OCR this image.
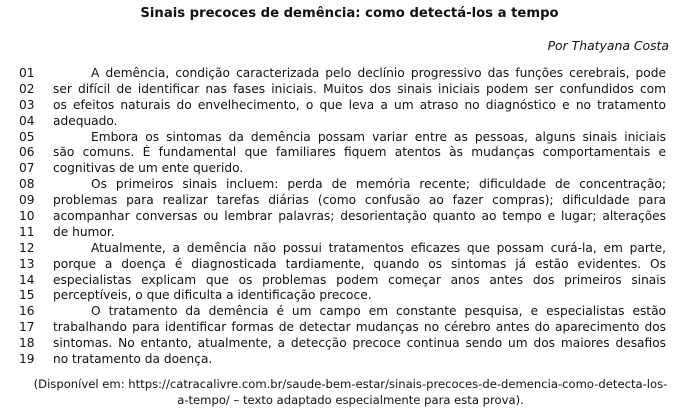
Sinais precoces de demência: como detectá-los a tempo
Por Thatyana Costa
01	A demência, condição caracterizada pelo declínio progressivo das funções cerebrais, pode
02	ser difícil de identificar nas fases iniciais. Muitos dos sinais iniciais podem ser confundidos com
03	os efeitos naturais do envelhecimento, o que leva a um atraso no diagnóstico e no tratamento
04	adequado.
05	Embora os sintomas da demência possam variar entre as pessoas, alguns sinais iniciais
06	são comuns. É fundamental que familiares fiquem atentos às mudanças comportamentais e
07	cognitivas de um ente querido.
08	Os primeiros sinais incluem: perda de memória recente; dificuldade de concentração;
09	problemas para realizar tarefas diárias (como confusão ao fazer compras); dificuldade para
10	acompanhar conversas ou lembrar palavras; desorientação quanto ao tempo e lugar; alterações
11	de humor.
12	Atualmente, a demência não possui tratamentos eficazes que possam curá-la, em parte,
13	porque a doença é diagnosticada tardiamente, quando os sintomas já estão evidentes. Os
14	especialistas explicam que os problemas podem começar anos antes dos primeiros sinais
15	perceptíveis, o que dificulta a identificação precoce.
16	O tratamento da demência é um campo em constante pesquisa, e especialistas estão
17	trabalhando para identificar formas de detectar mudanças no cérebro antes do aparecimento dos
18	sintomas. No entanto, atualmente, a detecção precoce continua sendo um dos maiores desafios
19	no tratamento da doença.
(Disponível em: https://catracalivre.com.br/saude-bem-estar/sinais-precoces-de-demencia-como-detecta-los-
a-tempo/ – texto adaptado especialmente para esta prova).
